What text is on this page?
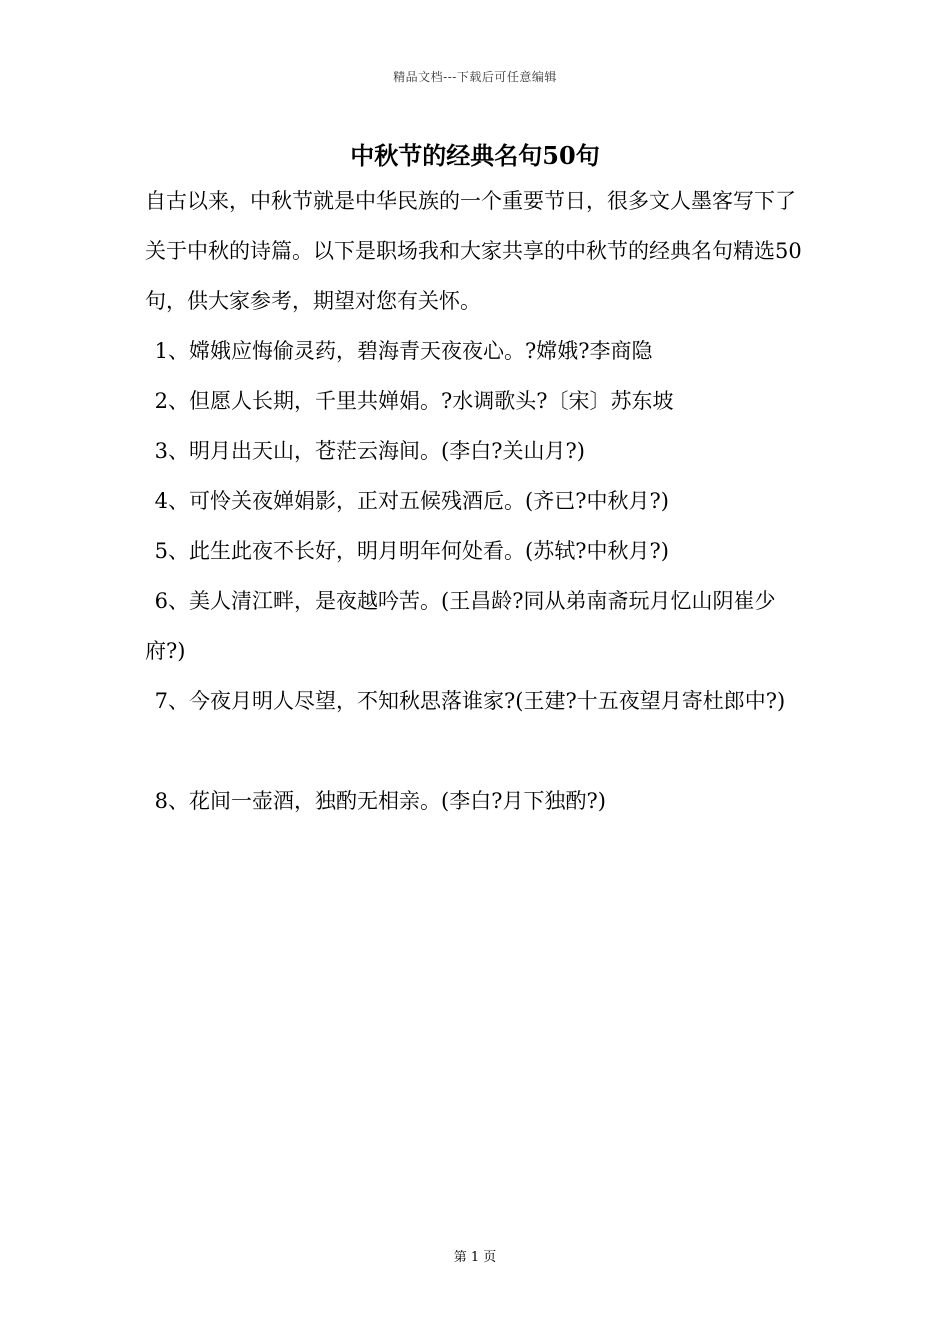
精品文档---下载后可任意编辑
中秋节的经典名句50句
自古以来，中秋节就是中华民族的一个重要节日，很多文人墨客写下了关于中秋的诗篇。以下是职场我和大家共享的中秋节的经典名句精选50句，供大家参考，期望对您有关怀。
1、嫦娥应悔偷灵药，碧海青天夜夜心。?嫦娥?李商隐
2、但愿人长期，千里共婵娟。?水调歌头?〔宋〕苏东坡
3、明月出天山，苍茫云海间。(李白?关山月?)
4、可怜关夜婵娟影，正对五候残酒卮。(齐已?中秋月?)
5、此生此夜不长好，明月明年何处看。(苏轼?中秋月?)
6、美人清江畔，是夜越吟苦。(王昌龄?同从弟南斋玩月忆山阴崔少府?)
7、今夜月明人尽望，不知秋思落谁家?(王建?十五夜望月寄杜郎中?)
8、花间一壶酒，独酌无相亲。(李白?月下独酌?)
第 1 页
